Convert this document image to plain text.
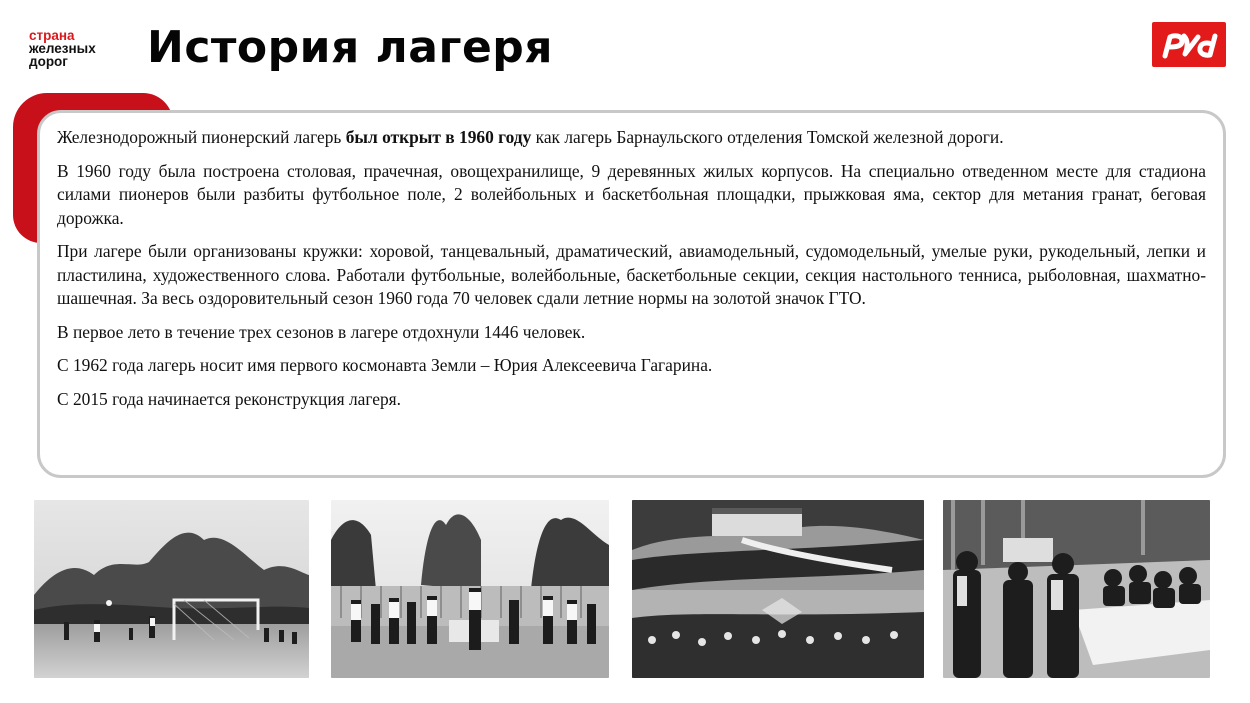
страна
железных
дорог	История лагеря

Железнодорожный пионерский лагерь был открыт в 1960 году как лагерь Барнаульского отделения Томской железной дороги.

В 1960 году была построена столовая, прачечная, овощехранилище, 9 деревянных жилых корпусов. На специально отведенном месте для стадиона силами пионеров были разбиты футбольное поле, 2 волейбольных и баскетбольная площадки, прыжковая яма, сектор для метания гранат, беговая дорожка.

При лагере были организованы кружки: хоровой, танцевальный, драматический, авиамодельный, судомодельный, умелые руки, рукодельный, лепки и пластилина, художественного слова. Работали футбольные, волейбольные, баскетбольные секции, секция настольного тенниса, рыболовная, шахматно-шашечная. За весь оздоровительный сезон 1960 года 70 человек сдали летние нормы на золотой значок ГТО.

В первое лето в течение трех сезонов в лагере отдохнули 1446 человек.

С 1962 года лагерь носит имя первого космонавта Земли – Юрия Алексеевича Гагарина.

С 2015 года начинается реконструкция лагеря.
